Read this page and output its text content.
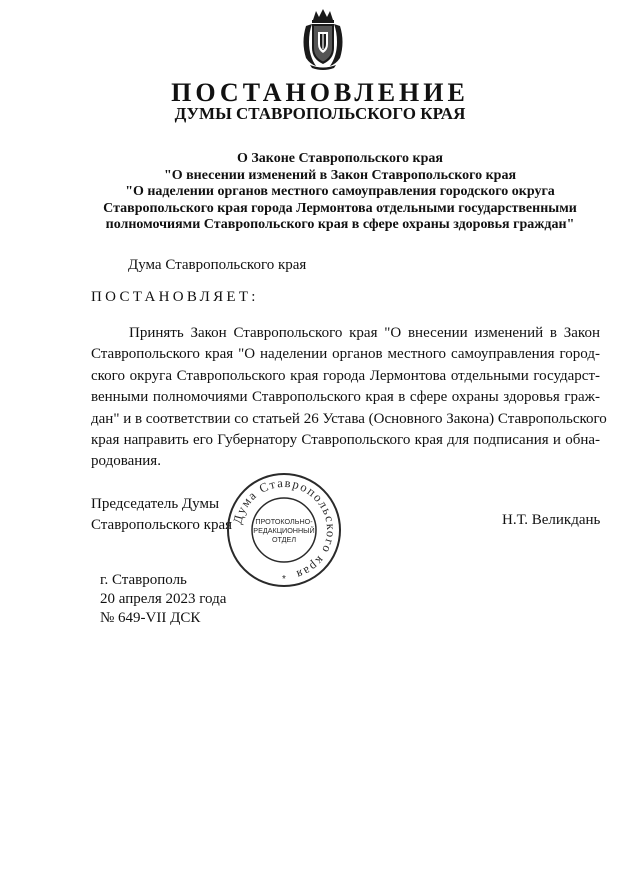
ПОСТАНОВЛЕНИЕ
ДУМЫ СТАВРОПОЛЬСКОГО КРАЯ
О Законе Ставропольского края
"О внесении изменений в Закон Ставропольского края
"О наделении органов местного самоуправления городского округа
Ставропольского края города Лермонтова отдельными государственными
полномочиями Ставропольского края в сфере охраны здоровья граждан"
Дума Ставропольского края
ПОСТАНОВЛЯЕТ:
Принять Закон Ставропольского края "О внесении изменений в Закон
Ставропольского края "О наделении органов местного самоуправления город-
ского округа Ставропольского края города Лермонтова отдельными государст-
венными полномочиями Ставропольского края в сфере охраны здоровья граж-
дан" и в соответствии со статьей 26 Устава (Основного Закона) Ставропольского
края направить его Губернатору Ставропольского края для подписания и обна-
родования.
Председатель Думы
Ставропольского края	Н.Т. Великдань
Дума Ставропольского края
ПРОТОКОЛЬНО-
РЕДАКЦИОННЫЙ
ОТДЕЛ
*
г. Ставрополь
20 апреля 2023 года
№ 649-VII ДСК
